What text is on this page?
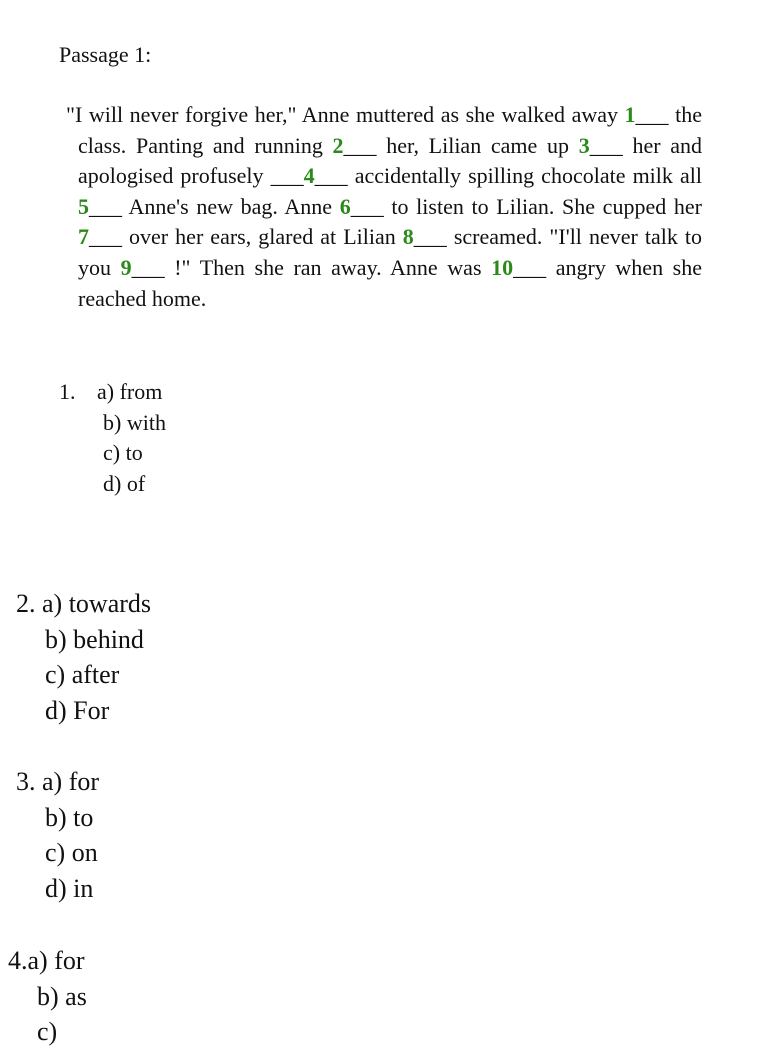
Passage 1:
"I will never forgive her," Anne muttered as she walked away 1___ the class. Panting and running 2___ her, Lilian came up 3___ her and apologised profusely ___4___ accidentally spilling chocolate milk all 5___ Anne's new bag. Anne 6___ to listen to Lilian. She cupped her 7___ over her ears, glared at Lilian 8___ screamed. "I'll never talk to you 9___ !" Then she ran away. Anne was 10___ angry when she reached home.
1. a) from
b) with
c) to
d) of
2. a) towards
b) behind
c) after
d) For
3. a) for
b) to
c) on
d) in
4.a) for
b) as
c)
